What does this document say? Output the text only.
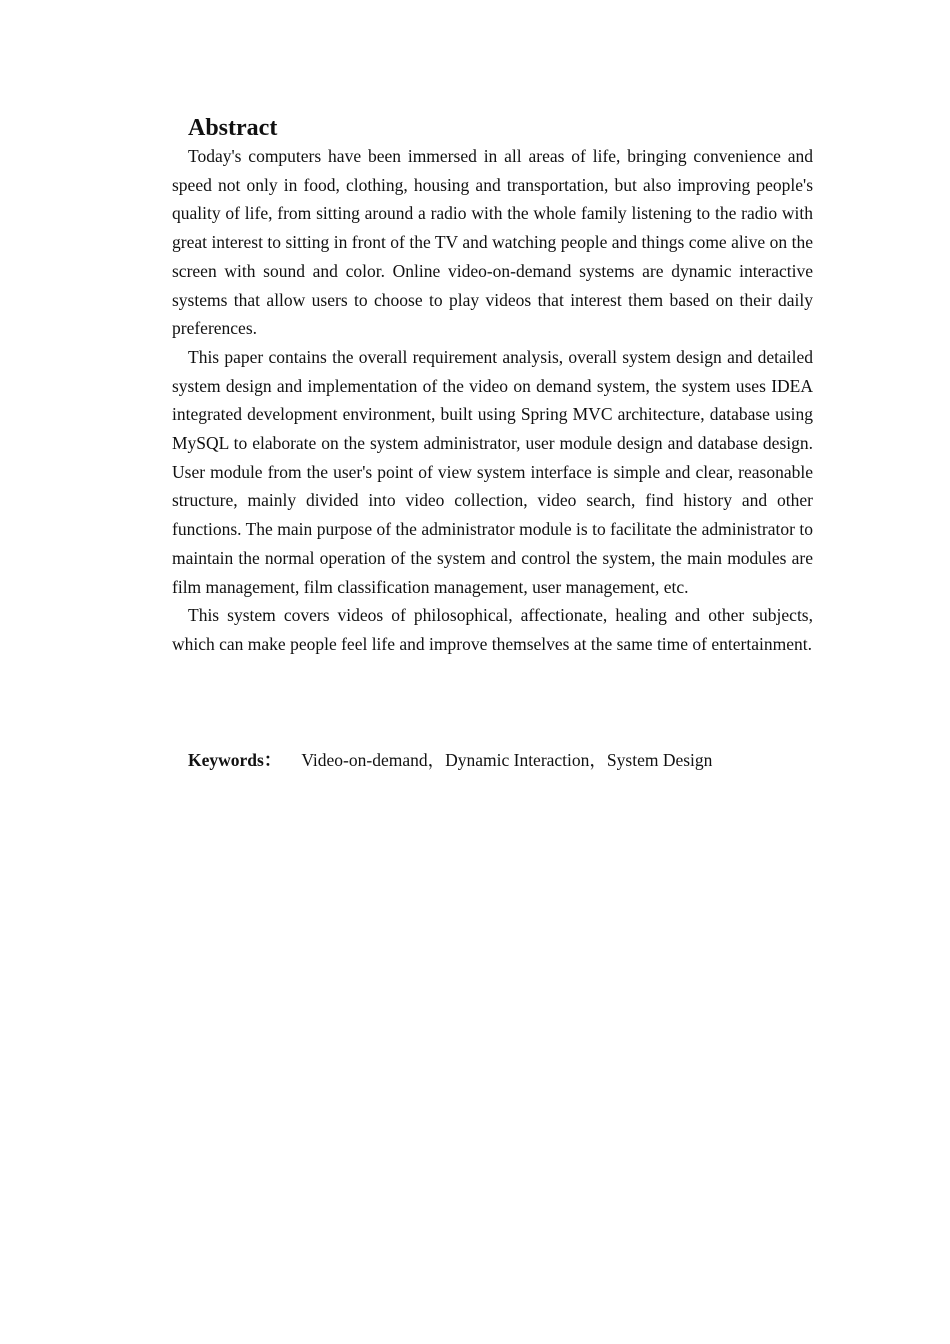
Abstract

Today's computers have been immersed in all areas of life, bringing convenience and speed not only in food, clothing, housing and transportation, but also improving people's quality of life, from sitting around a radio with the whole family listening to the radio with great interest to sitting in front of the TV and watching people and things come alive on the screen with sound and color. Online video-on-demand systems are dynamic interactive systems that allow users to choose to play videos that interest them based on their daily preferences.

This paper contains the overall requirement analysis, overall system design and detailed system design and implementation of the video on demand system, the system uses IDEA integrated development environment, built using Spring MVC architecture, database using MySQL to elaborate on the system administrator, user module design and database design. User module from the user's point of view system interface is simple and clear, reasonable structure, mainly divided into video collection, video search, find history and other functions. The main purpose of the administrator module is to facilitate the administrator to maintain the normal operation of the system and control the system, the main modules are film management, film classification management, user management, etc.

This system covers videos of philosophical, affectionate, healing and other subjects, which can make people feel life and improve themselves at the same time of entertainment.

Keywords： Video-on-demand，Dynamic Interaction，System Design
